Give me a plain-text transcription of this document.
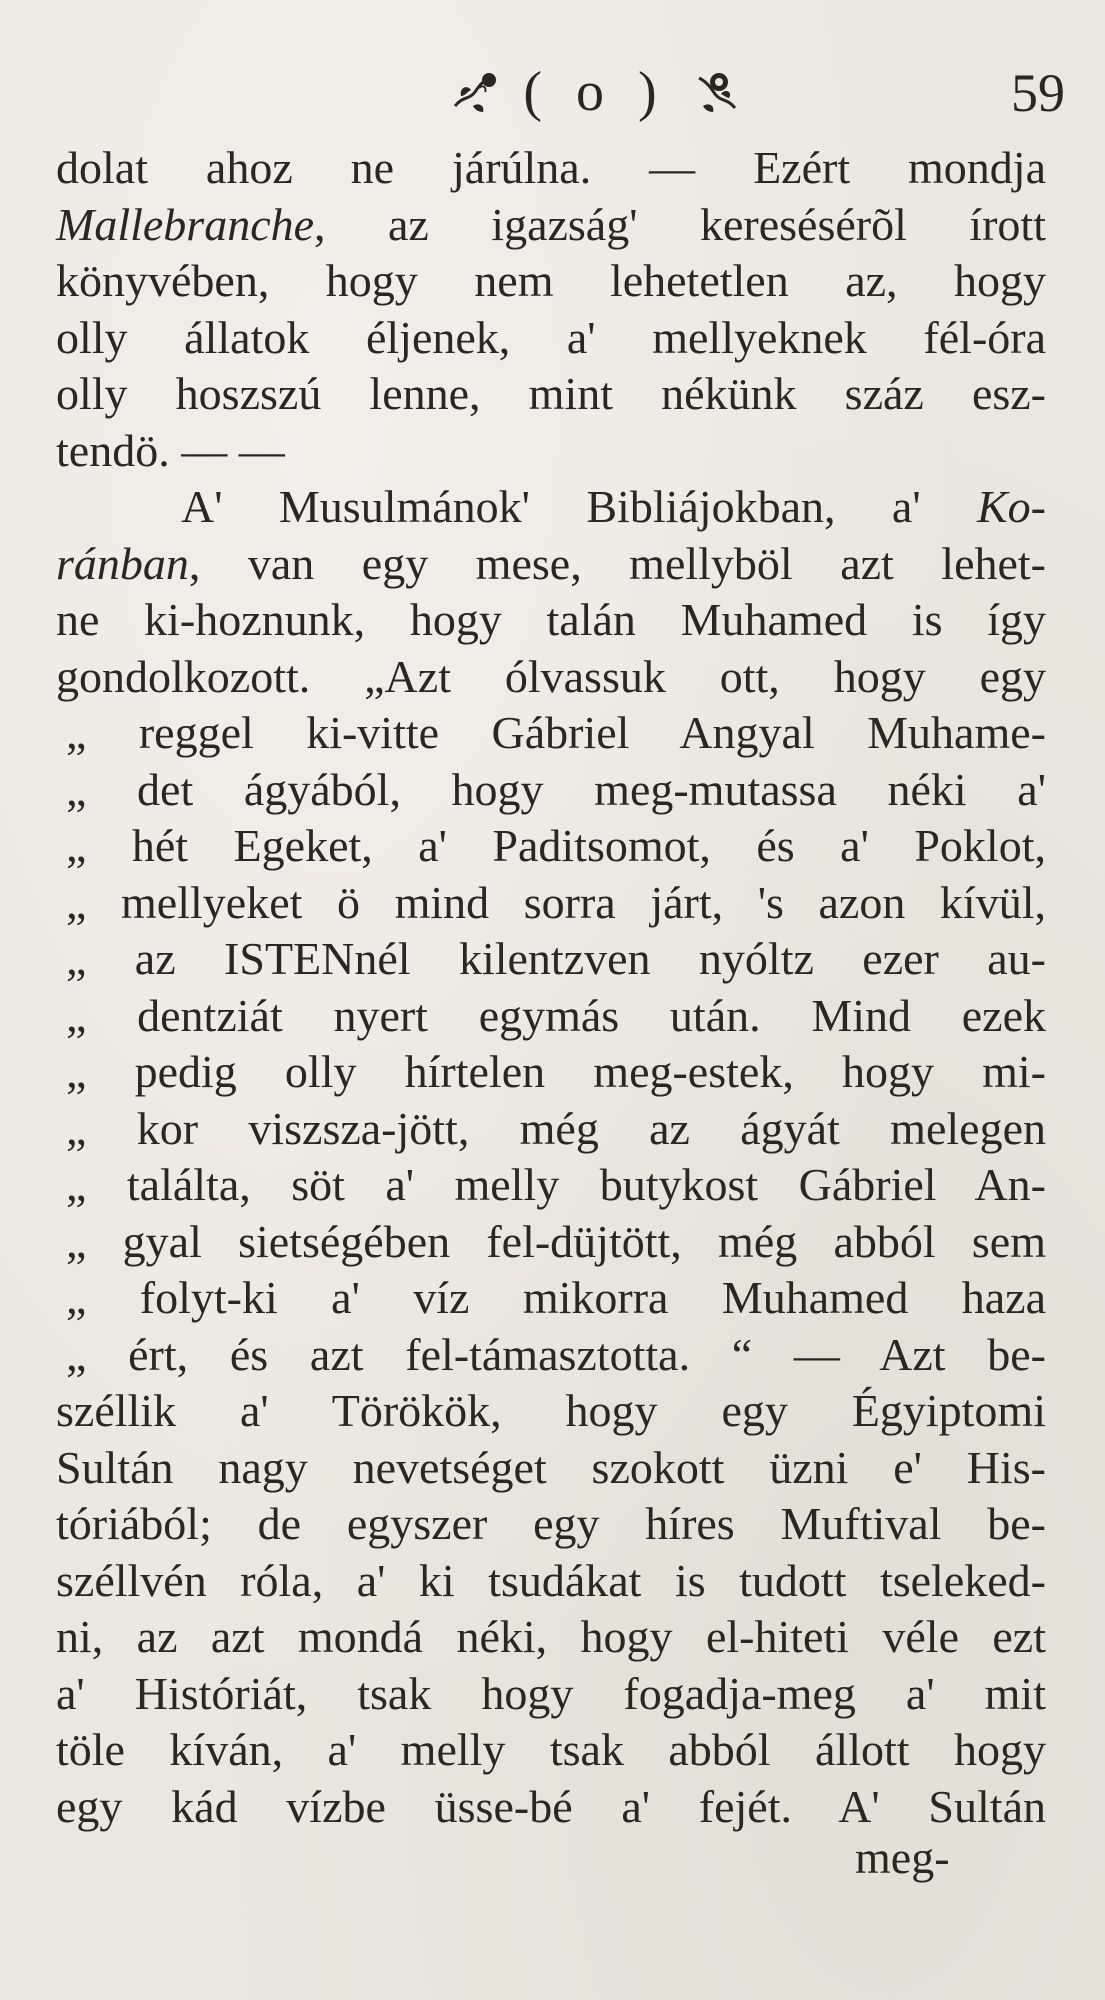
( o )	59
dolat ahoz ne járúlna. — Ezért mondja
Mallebranche, az igazság' keresésérõl írott
könyvében, hogy nem lehetetlen az, hogy
olly állatok éljenek, a' mellyeknek fél-óra
olly hoszszú lenne, mint nékünk száz esz-
tendö. — —
A' Musulmánok' Bibliájokban, a' Ko-
ránban, van egy mese, mellyböl azt lehet-
ne ki-hoznunk, hogy talán Muhamed is így
gondolkozott. „Azt ólvassuk ott, hogy egy
„ reggel ki-vitte Gábriel Angyal Muhame-
„ det ágyából, hogy meg-mutassa néki a'
„ hét Egeket, a' Paditsomot, és a' Poklot,
„ mellyeket ö mind sorra járt, 's azon kívül,
„ az ISTENnél kilentzven nyóltz ezer au-
„ dentziát nyert egymás után. Mind ezek
„ pedig olly hírtelen meg-estek, hogy mi-
„ kor viszsza-jött, még az ágyát melegen
„ találta, söt a' melly butykost Gábriel An-
„ gyal sietségében fel-düjtött, még abból sem
„ folyt-ki a' víz mikorra Muhamed haza
„ ért, és azt fel-támasztotta. “ — Azt be-
széllik a' Törökök, hogy egy Égyiptomi
Sultán nagy nevetséget szokott üzni e' His-
tóriából; de egyszer egy híres Muftival be-
széllvén róla, a' ki tsudákat is tudott tseleked-
ni, az azt mondá néki, hogy el-hiteti véle ezt
a' Históriát, tsak hogy fogadja-meg a' mit
töle kíván, a' melly tsak abból állott hogy
egy kád vízbe üsse-bé a' fejét. A' Sultán
meg-
